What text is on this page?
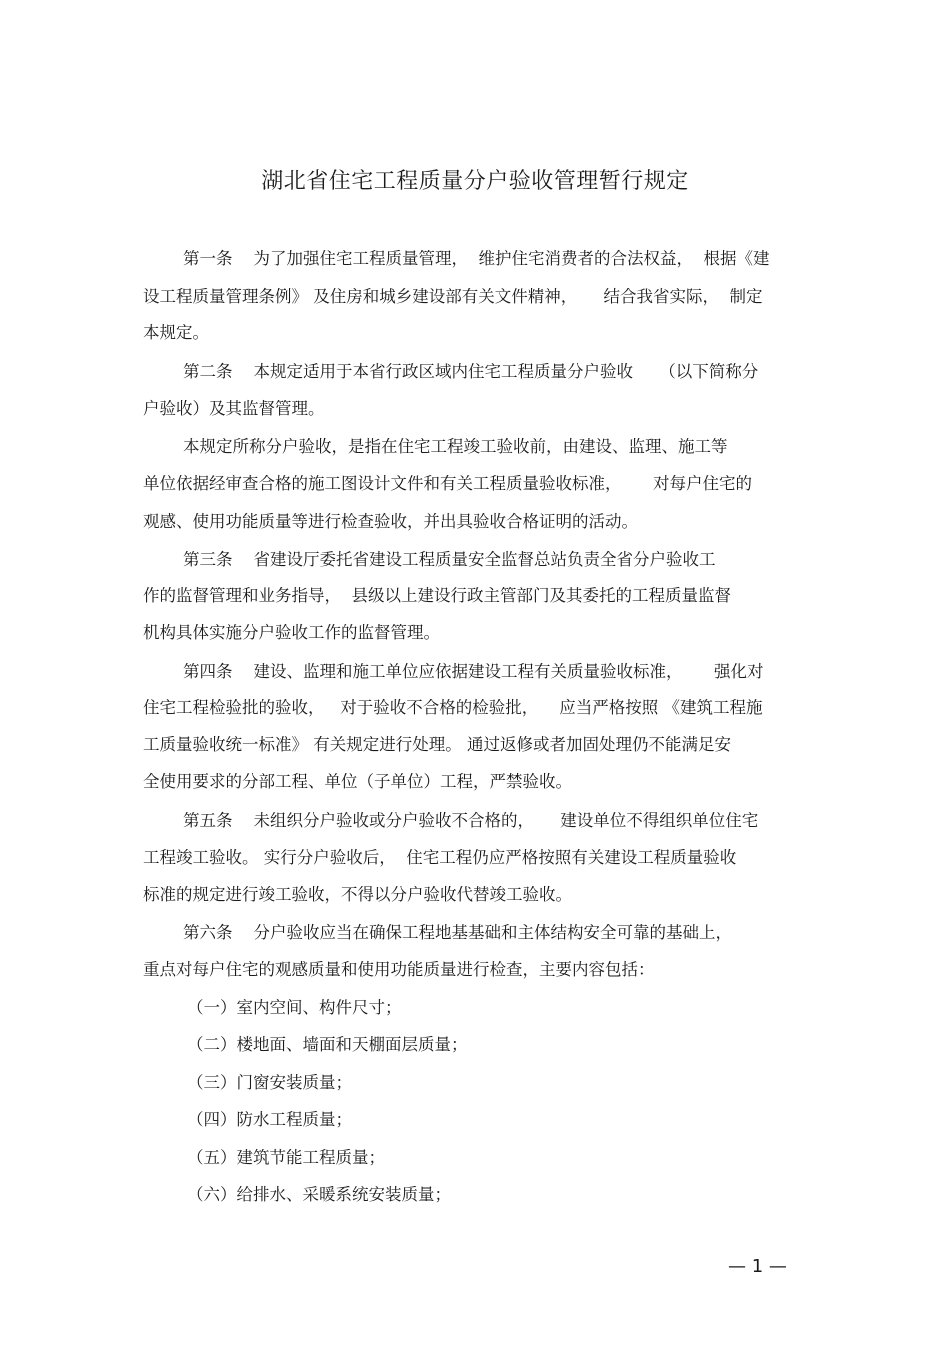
湖北省住宅工程质量分户验收管理暂行规定
第一条    为了加强住宅工程质量管理，  维护住宅消费者的合法权益，  根据《建
设工程质量管理条例》 及住房和城乡建设部有关文件精神，     结合我省实际，  制定
本规定。
第二条    本规定适用于本省行政区域内住宅工程质量分户验收     （以下简称分
户验收）及其监督管理。
本规定所称分户验收，是指在住宅工程竣工验收前，由建设、监理、施工等
单位依据经审查合格的施工图设计文件和有关工程质量验收标准，      对每户住宅的
观感、使用功能质量等进行检查验收，并出具验收合格证明的活动。
第三条    省建设厅委托省建设工程质量安全监督总站负责全省分户验收工
作的监督管理和业务指导，  县级以上建设行政主管部门及其委托的工程质量监督
机构具体实施分户验收工作的监督管理。
第四条    建设、监理和施工单位应依据建设工程有关质量验收标准，      强化对
住宅工程检验批的验收，   对于验收不合格的检验批，    应当严格按照 《建筑工程施
工质量验收统一标准》 有关规定进行处理。 通过返修或者加固处理仍不能满足安
全使用要求的分部工程、单位（子单位）工程，严禁验收。
第五条    未组织分户验收或分户验收不合格的，     建设单位不得组织单位住宅
工程竣工验收。 实行分户验收后，  住宅工程仍应严格按照有关建设工程质量验收
标准的规定进行竣工验收，不得以分户验收代替竣工验收。
第六条    分户验收应当在确保工程地基基础和主体结构安全可靠的基础上，
重点对每户住宅的观感质量和使用功能质量进行检查，主要内容包括：
（一）室内空间、构件尺寸；
（二）楼地面、墙面和天棚面层质量；
（三）门窗安装质量；
（四）防水工程质量；
（五）建筑节能工程质量；
（六）给排水、采暖系统安装质量；
— 1 —
